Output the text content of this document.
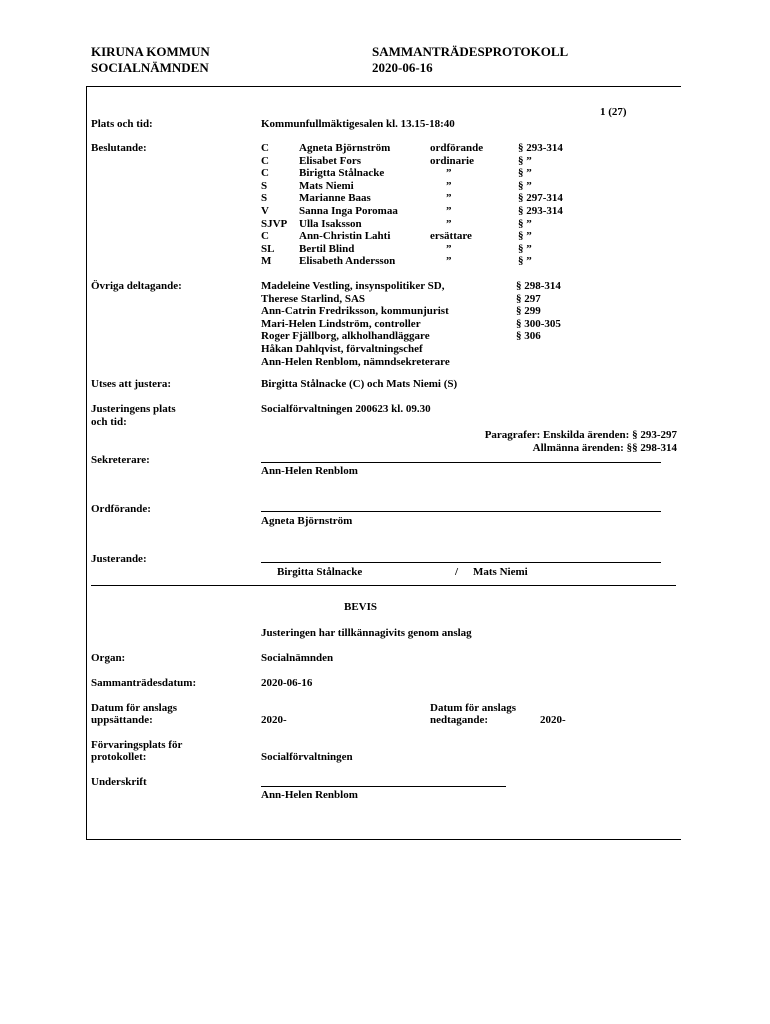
KIRUNA KOMMUN
SOCIALNÄMNDEN
SAMMANTRÄDESPROTOKOLL
2020-06-16
1 (27)
Plats och tid:	Kommunfullmäktigesalen kl. 13.15-18:40
Beslutande:	C	Agneta Björnström	ordförande	§ 293-314
C	Elisabet Fors	ordinarie	§ ”
C	Birigtta Stålnacke	”	§ ”
S	Mats Niemi	”	§ ”
S	Marianne Baas	”	§ 297-314
V	Sanna Inga Poromaa	”	§ 293-314
SJVP Ulla Isaksson	”	§ ”
C	Ann-Christin Lahti	ersättare	§ ”
SL Bertil Blind	”	§ ”
M	Elisabeth Andersson	”	§ ”
Övriga deltagande:	Madeleine Vestling, insynspolitiker SD,	§ 298-314
Therese Starlind, SAS	§ 297
Ann-Catrin Fredriksson, kommunjurist	§ 299
Mari-Helen Lindström, controller	§ 300-305
Roger Fjällborg, alkholhandläggare	§ 306
Håkan Dahlqvist, förvaltningschef
Ann-Helen Renblom, nämndsekreterare
Utses att justera:	Birgitta Stålnacke (C) och Mats Niemi (S)
Justeringens plats
och tid:
Socialförvaltningen 200623 kl. 09.30
Paragrafer: Enskilda ärenden: § 293-297
Allmänna ärenden: §§ 298-314
Sekreterare:
Ann-Helen Renblom
Ordförande:
Agneta Björnström
Justerande:
Birgitta Stålnacke	/ Mats Niemi
BEVIS
Justeringen har tillkännagivits genom anslag
Organ:	Socialnämnden
Sammanträdesdatum:	2020-06-16
Datum för anslags
uppsättande:	2020-
Datum för anslags
nedtagande:	2020-
Förvaringsplats för
protokollet:	Socialförvaltningen
Underskrift
Ann-Helen Renblom
